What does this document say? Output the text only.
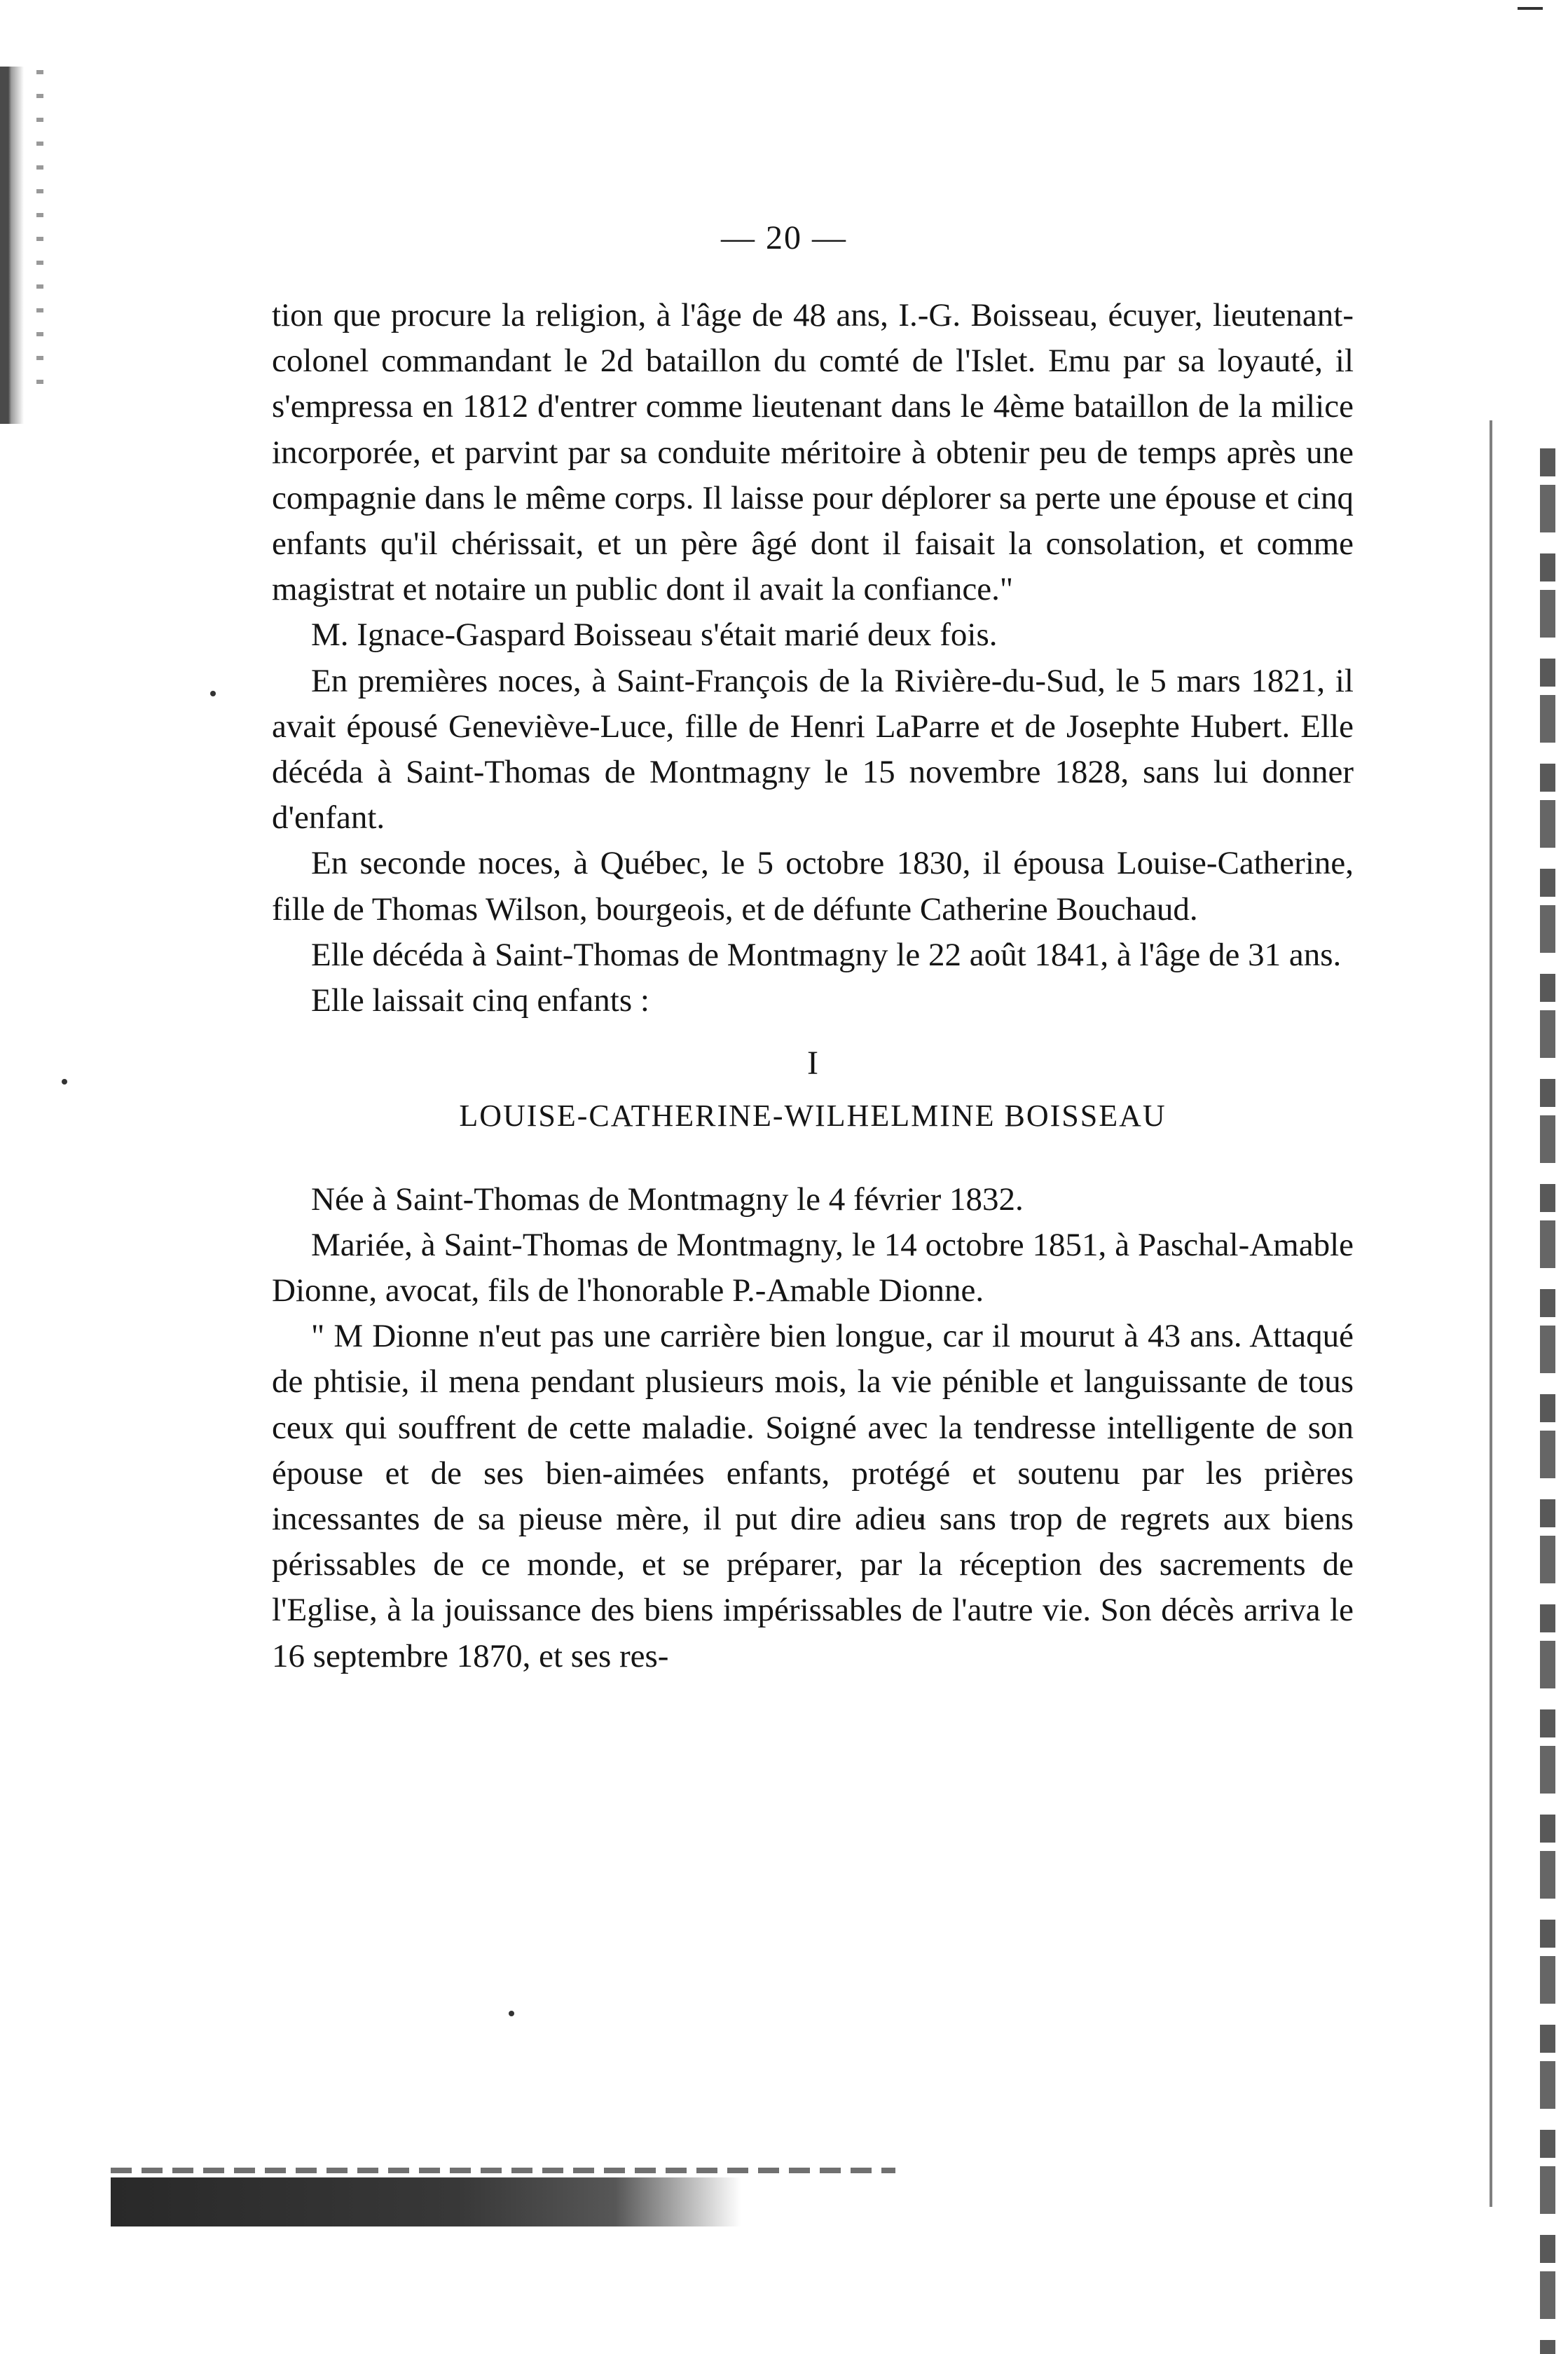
— 20 —

tion que procure la religion, à l'âge de 48 ans, I.-G. Boisseau, écuyer, lieutenant-colonel commandant le 2d bataillon du comté de l'Islet. Emu par sa loyauté, il s'empressa en 1812 d'entrer comme lieutenant dans le 4ème bataillon de la milice incorporée, et parvint par sa conduite méritoire à obtenir peu de temps après une compagnie dans le même corps. Il laisse pour déplorer sa perte une épouse et cinq enfants qu'il chérissait, et un père âgé dont il faisait la consolation, et comme magistrat et notaire un public dont il avait la confiance."

M. Ignace-Gaspard Boisseau s'était marié deux fois.

En premières noces, à Saint-François de la Rivière-du-Sud, le 5 mars 1821, il avait épousé Geneviève-Luce, fille de Henri LaParre et de Josephte Hubert. Elle décéda à Saint-Thomas de Montmagny le 15 novembre 1828, sans lui donner d'enfant.

En seconde noces, à Québec, le 5 octobre 1830, il épousa Louise-Catherine, fille de Thomas Wilson, bourgeois, et de défunte Catherine Bouchaud.

Elle décéda à Saint-Thomas de Montmagny le 22 août 1841, à l'âge de 31 ans.

Elle laissait cinq enfants :

I

LOUISE-CATHERINE-WILHELMINE BOISSEAU

Née à Saint-Thomas de Montmagny le 4 février 1832.

Mariée, à Saint-Thomas de Montmagny, le 14 octobre 1851, à Paschal-Amable Dionne, avocat, fils de l'honorable P.-Amable Dionne.

" M Dionne n'eut pas une carrière bien longue, car il mourut à 43 ans. Attaqué de phtisie, il mena pendant plusieurs mois, la vie pénible et languissante de tous ceux qui souffrent de cette maladie. Soigné avec la tendresse intelligente de son épouse et de ses bien-aimées enfants, protégé et soutenu par les prières incessantes de sa pieuse mère, il put dire adieu sans trop de regrets aux biens périssables de ce monde, et se préparer, par la réception des sacrements de l'Eglise, à la jouissance des biens impérissables de l'autre vie. Son décès arriva le 16 septembre 1870, et ses res-
